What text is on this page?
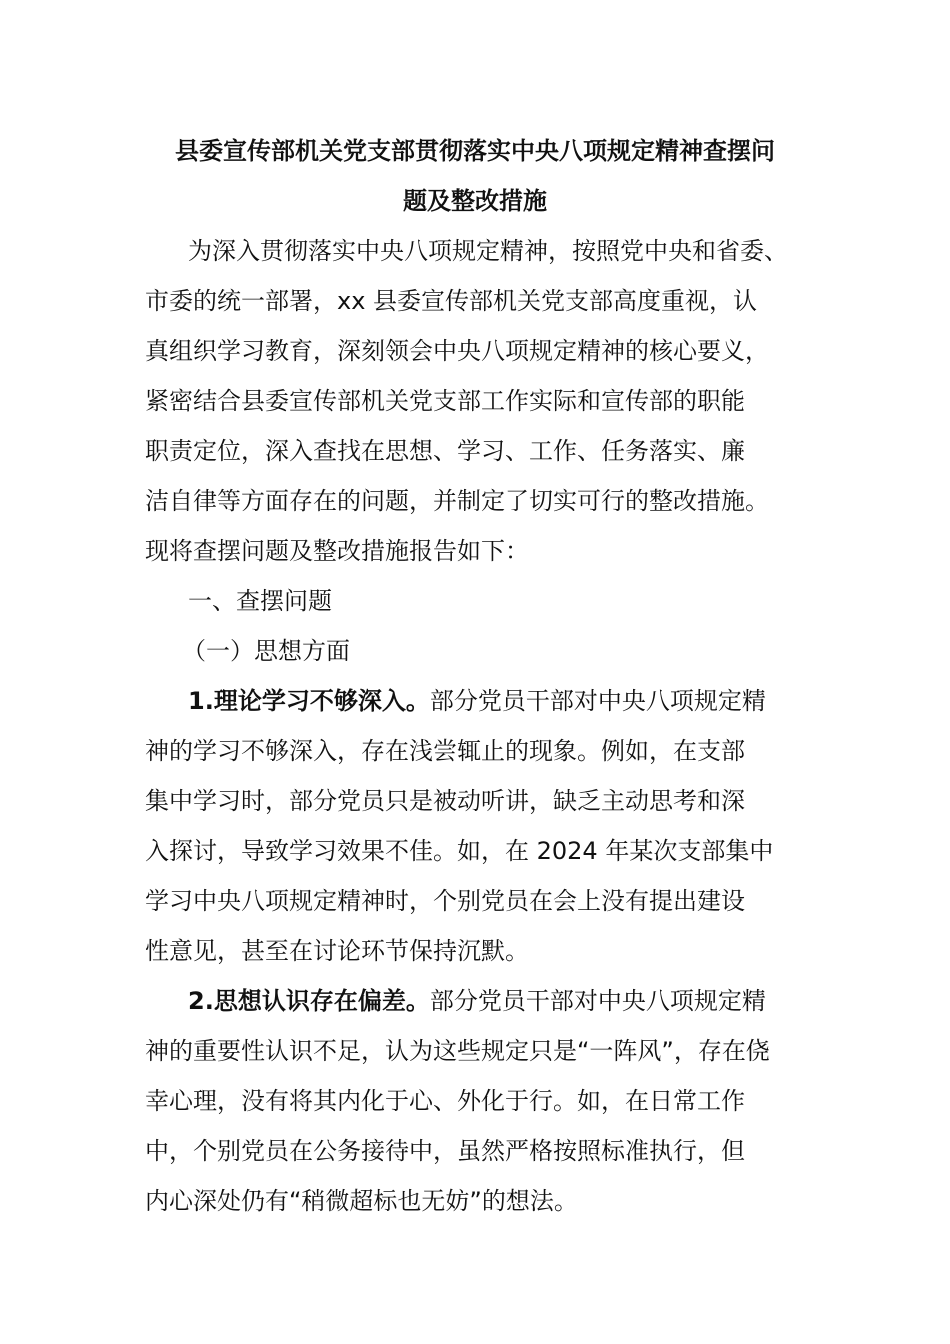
县委宣传部机关党支部贯彻落实中央八项规定精神查摆问
题及整改措施
为深入贯彻落实中央八项规定精神，按照党中央和省委、
市委的统一部署，xx 县委宣传部机关党支部高度重视，认
真组织学习教育，深刻领会中央八项规定精神的核心要义，
紧密结合县委宣传部机关党支部工作实际和宣传部的职能
职责定位，深入查找在思想、学习、工作、任务落实、廉
洁自律等方面存在的问题，并制定了切实可行的整改措施。
现将查摆问题及整改措施报告如下：
一、查摆问题
（一）思想方面
1.理论学习不够深入。部分党员干部对中央八项规定精
神的学习不够深入，存在浅尝辄止的现象。例如，在支部
集中学习时，部分党员只是被动听讲，缺乏主动思考和深
入探讨，导致学习效果不佳。如，在 2024 年某次支部集中
学习中央八项规定精神时，个别党员在会上没有提出建设
性意见，甚至在讨论环节保持沉默。
2.思想认识存在偏差。部分党员干部对中央八项规定精
神的重要性认识不足，认为这些规定只是“一阵风”，存在侥
幸心理，没有将其内化于心、外化于行。如，在日常工作
中，个别党员在公务接待中，虽然严格按照标准执行，但
内心深处仍有“稍微超标也无妨”的想法。
